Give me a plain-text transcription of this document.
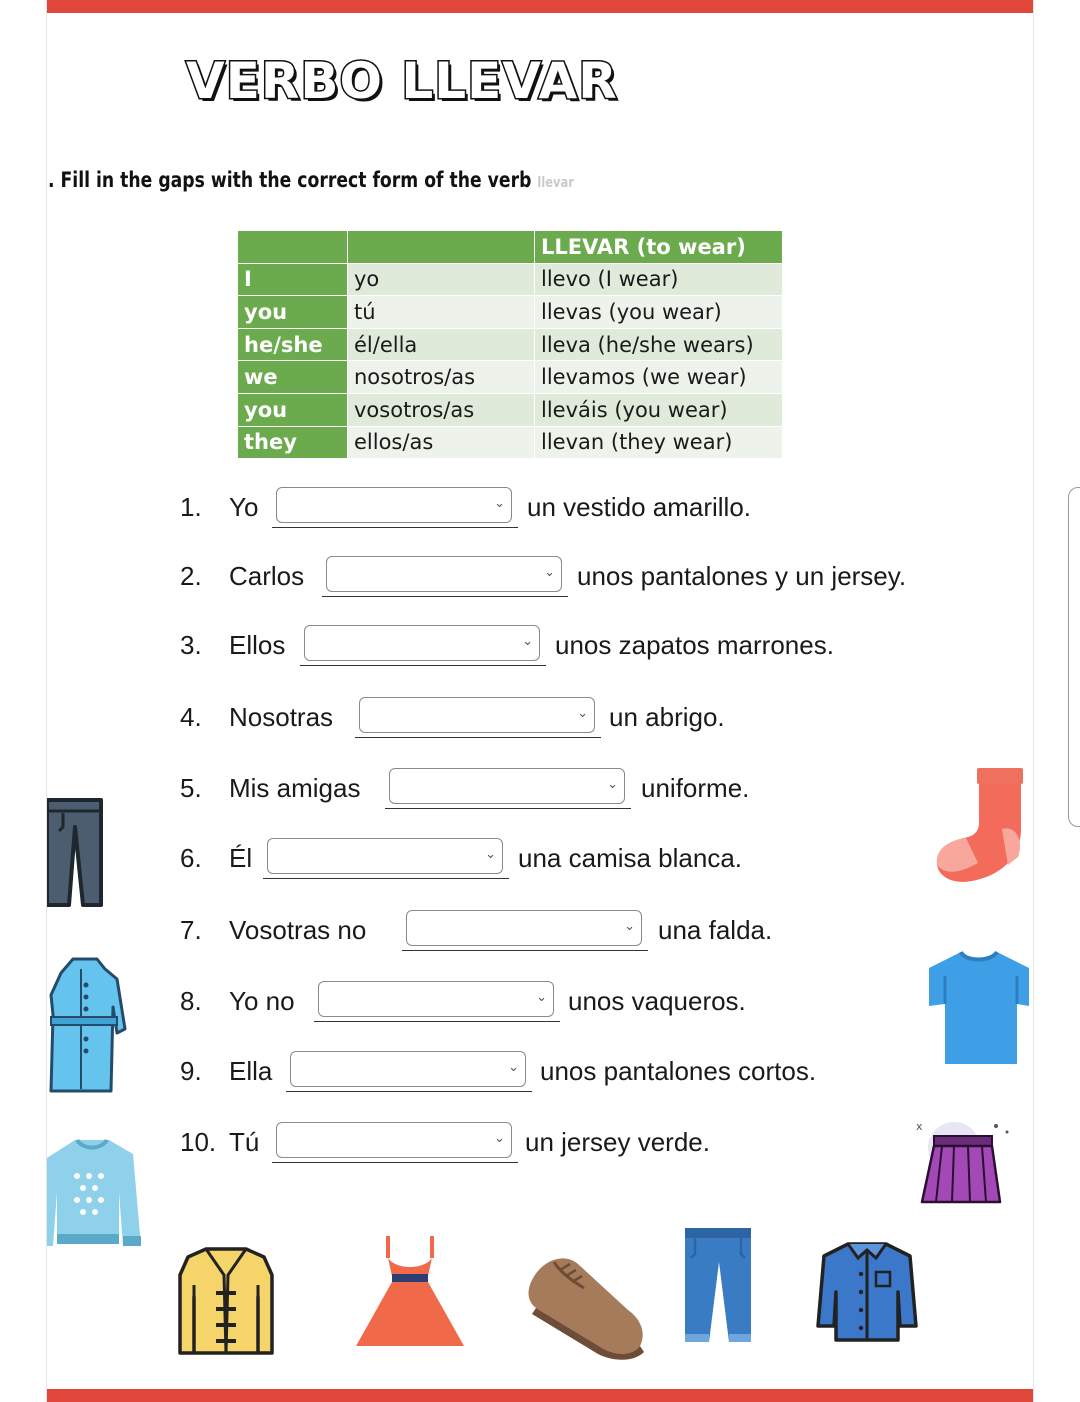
VERBO LLEVAR
. Fill in the gaps with the correct form of the verb llevar
		LLEVAR (to wear)
I	yo	llevo (I wear)
you	tú	llevas (you wear)
he/she	él/ella	lleva (he/she wears)
we	nosotros/as	llevamos (we wear)
you	vosotros/as	lleváis (you wear)
they	ellos/as	llevan (they wear)
1. Yo	⌄ un vestido amarillo.
2. Carlos	⌄ unos pantalones y un jersey.
3. Ellos	⌄ unos zapatos marrones.
4. Nosotras	⌄ un abrigo.
5. Mis amigas	⌄ uniforme.
6. Él	⌄ una camisa blanca.
7. Vosotras no	⌄ una falda.
8. Yo no	⌄ unos vaqueros.
9. Ella	⌄ unos pantalones cortos.
10. Tú	⌄ un jersey verde.
x
